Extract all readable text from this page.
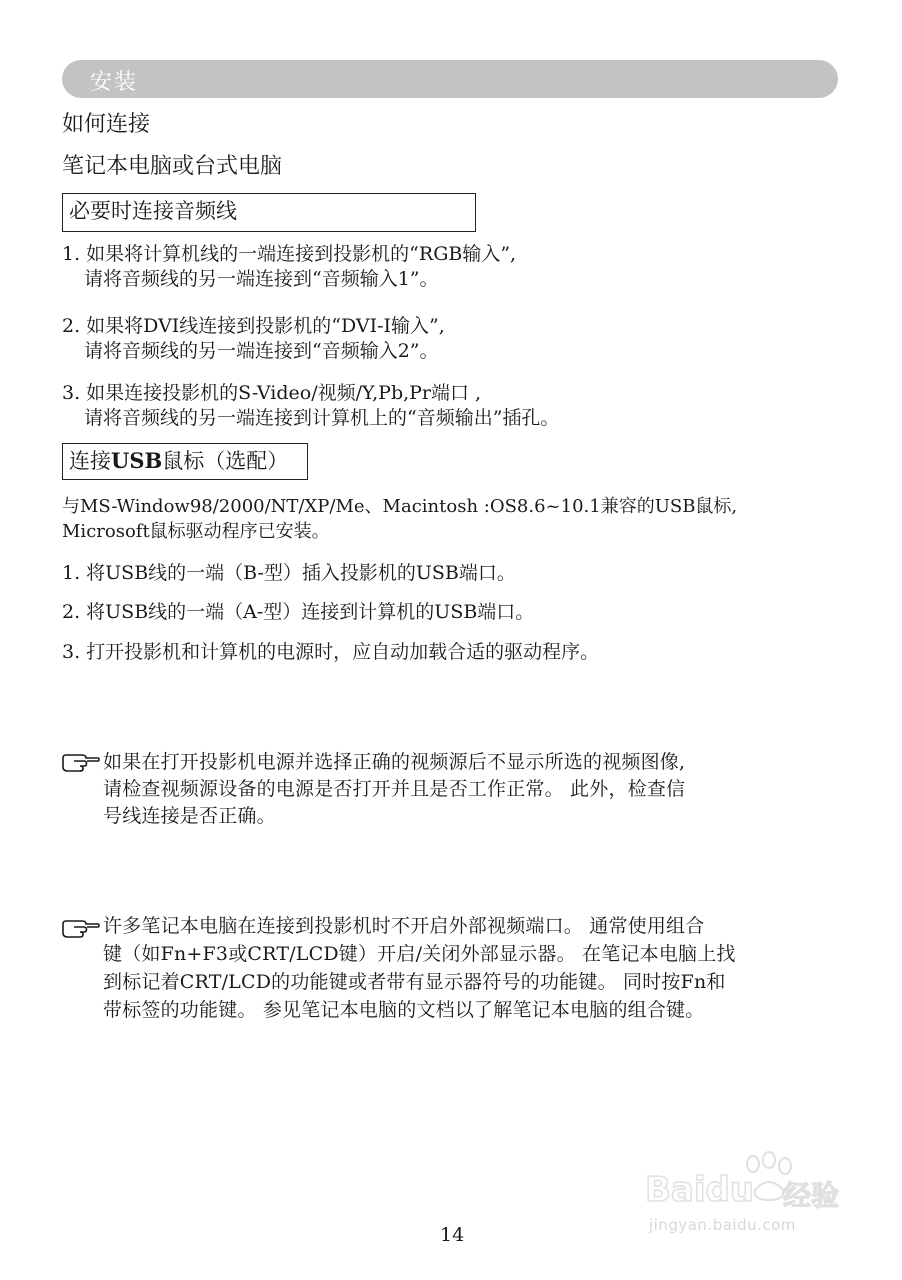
安装
如何连接
笔记本电脑或台式电脑
必要时连接音频线
1. 如果将计算机线的一端连接到投影机的“RGB输入”,
请将音频线的另一端连接到“音频输入1”。
2. 如果将DVI线连接到投影机的“DVI-I输入”,
请将音频线的另一端连接到“音频输入2”。
3. 如果连接投影机的S-Video/视频/Y,Pb,Pr端口 ,
请将音频线的另一端连接到计算机上的“音频输出”插孔。
连接USB鼠标（选配）
与MS-Window98/2000/NT/XP/Me、Macintosh :OS8.6~10.1兼容的USB鼠标,
Microsoft鼠标驱动程序已安装。
1. 将USB线的一端（B-型）插入投影机的USB端口。
2. 将USB线的一端（A-型）连接到计算机的USB端口。
3. 打开投影机和计算机的电源时，应自动加载合适的驱动程序。
如果在打开投影机电源并选择正确的视频源后不显示所选的视频图像,
请检查视频源设备的电源是否打开并且是否工作正常。 此外，检查信
号线连接是否正确。
许多笔记本电脑在连接到投影机时不开启外部视频端口。 通常使用组合
键（如Fn+F3或CRT/LCD键）开启/关闭外部显示器。 在笔记本电脑上找
到标记着CRT/LCD的功能键或者带有显示器符号的功能键。 同时按Fn和
带标签的功能键。 参见笔记本电脑的文档以了解笔记本电脑的组合键。
Baidu 经验
jingyan.baidu.com
14
